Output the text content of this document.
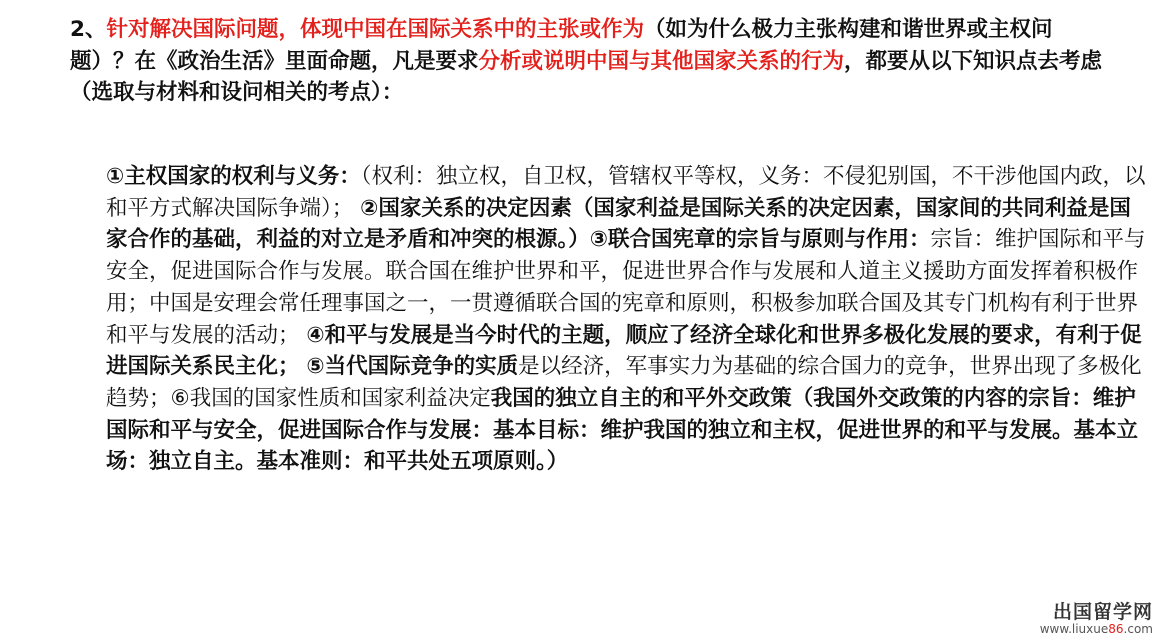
2、针对解决国际问题，体现中国在国际关系中的主张或作为（如为什么极力主张构建和谐世界或主权问题）？在《政治生活》里面命题，凡是要求分析或说明中国与其他国家关系的行为，都要从以下知识点去考虑（选取与材料和设问相关的考点）：

①主权国家的权利与义务：（权利：独立权，自卫权，管辖权平等权，义务：不侵犯别国，不干涉他国内政，以和平方式解决国际争端）； ②国家关系的决定因素（国家利益是国际关系的决定因素，国家间的共同利益是国家合作的基础，利益的对立是矛盾和冲突的根源。）③联合国宪章的宗旨与原则与作用：宗旨：维护国际和平与安全，促进国际合作与发展。联合国在维护世界和平，促进世界合作与发展和人道主义援助方面发挥着积极作用；中国是安理会常任理事国之一，一贯遵循联合国的宪章和原则，积极参加联合国及其专门机构有利于世界和平与发展的活动； ④和平与发展是当今时代的主题，顺应了经济全球化和世界多极化发展的要求，有利于促进国际关系民主化； ⑤当代国际竞争的实质是以经济，军事实力为基础的综合国力的竞争，世界出现了多极化趋势；⑥我国的国家性质和国家利益决定我国的独立自主的和平外交政策（我国外交政策的内容的宗旨：维护国际和平与安全，促进国际合作与发展：基本目标：维护我国的独立和主权，促进世界的和平与发展。基本立场：独立自主。基本准则：和平共处五项原则。）

出国留学网
www.liuxue86.com
